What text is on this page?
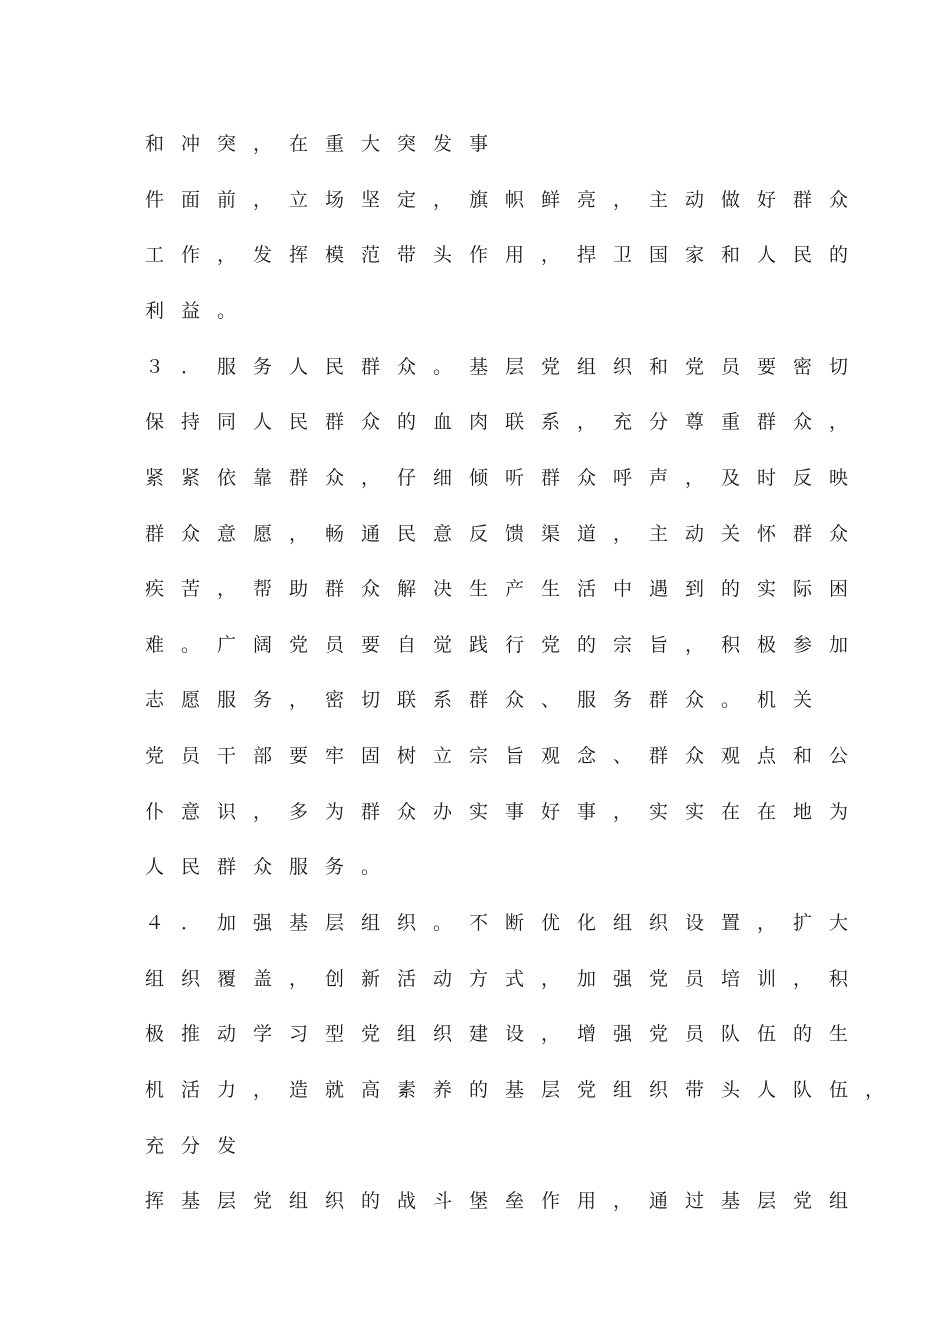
和冲突，在重大突发事
件面前，立场坚定，旗帜鲜亮，主动做好群众
工作，发挥模范带头作用，捍卫国家和人民的
利益。
３．服务人民群众。基层党组织和党员要密切
保持同人民群众的血肉联系，充分尊重群众，
紧紧依靠群众，仔细倾听群众呼声，及时反映
群众意愿，畅通民意反馈渠道，主动关怀群众
疾苦，帮助群众解决生产生活中遇到的实际困
难。广阔党员要自觉践行党的宗旨，积极参加
志愿服务，密切联系群众、服务群众。机关
党员干部要牢固树立宗旨观念、群众观点和公
仆意识，多为群众办实事好事，实实在在地为
人民群众服务。
４．加强基层组织。不断优化组织设置，扩大
组织覆盖，创新活动方式，加强党员培训，积
极推动学习型党组织建设，增强党员队伍的生
机活力，造就高素养的基层党组织带头人队伍，
充分发
挥基层党组织的战斗堡垒作用，通过基层党组
